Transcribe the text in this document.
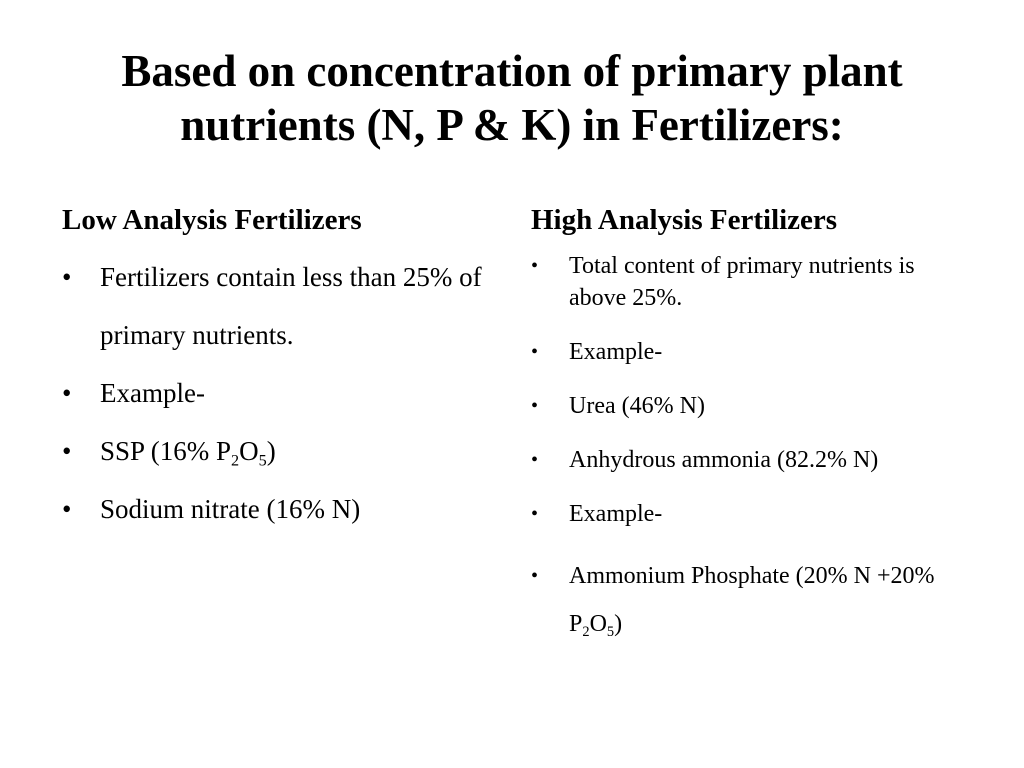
Based on concentration of primary plant nutrients (N, P & K) in Fertilizers:
Low Analysis Fertilizers
• Fertilizers contain less than 25% of primary nutrients.
• Example-
• SSP (16% $P_2O_5$)
• Sodium nitrate (16% N)
High Analysis Fertilizers
• Total content of primary nutrients is above 25%.
• Example-
• Urea (46% N)
• Anhydrous ammonia (82.2% N)
• Example-
• Ammonium Phosphate (20% N +20% $P_2O_5$)
